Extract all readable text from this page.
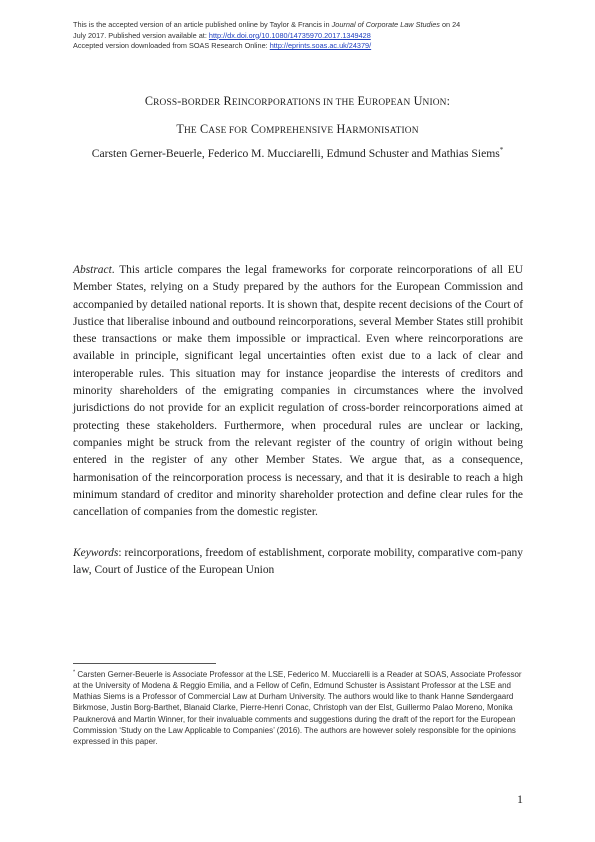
This is the accepted version of an article published online by Taylor & Francis in Journal of Corporate Law Studies on 24
July 2017. Published version available at: http://dx.doi.org/10.1080/14735970.2017.1349428
Accepted version downloaded from SOAS Research Online: http://eprints.soas.ac.uk/24379/
CROSS-BORDER REINCORPORATIONS IN THE EUROPEAN UNION:
THE CASE FOR COMPREHENSIVE HARMONISATION
Carsten Gerner-Beuerle, Federico M. Mucciarelli, Edmund Schuster and Mathias Siems*

Abstract. This article compares the legal frameworks for corporate reincorporations of all EU Member States, relying on a Study prepared by the authors for the European Commission and accompanied by detailed national reports. It is shown that, despite recent decisions of the Court of Justice that liberalise inbound and outbound reincorporations, several Member States still prohibit these transactions or make them impossible or impractical. Even where reincorporations are available in principle, significant legal uncertainties often exist due to a lack of clear and interoperable rules. This situation may for instance jeopardise the interests of creditors and minority shareholders of the emigrating companies in circumstances where the involved jurisdictions do not provide for an explicit regulation of cross-border reincorporations aimed at protecting these stakeholders. Furthermore, when procedural rules are unclear or lacking, companies might be struck from the relevant register of the country of origin without being entered in the register of any other Member States. We argue that, as a consequence, harmonisation of the reincorporation process is necessary, and that it is desirable to reach a high minimum standard of creditor and minority shareholder protection and define clear rules for the cancellation of companies from the domestic register.

Keywords: reincorporations, freedom of establishment, corporate mobility, comparative com-pany law, Court of Justice of the European Union

* Carsten Gerner-Beuerle is Associate Professor at the LSE, Federico M. Mucciarelli is a Reader at SOAS, Associate Professor at the University of Modena & Reggio Emilia, and a Fellow of Cefin, Edmund Schuster is Assistant Professor at the LSE and Mathias Siems is a Professor of Commercial Law at Durham University. The authors would like to thank Hanne Søndergaard Birkmose, Justin Borg-Barthet, Blanaid Clarke, Pierre-Henri Conac, Christoph van der Elst, Guillermo Palao Moreno, Monika Pauknerová and Martin Winner, for their invaluable comments and suggestions during the draft of the report for the European Commission ‘Study on the Law Applicable to Companies’ (2016). The authors are however solely responsible for the opinions expressed in this paper.

1
